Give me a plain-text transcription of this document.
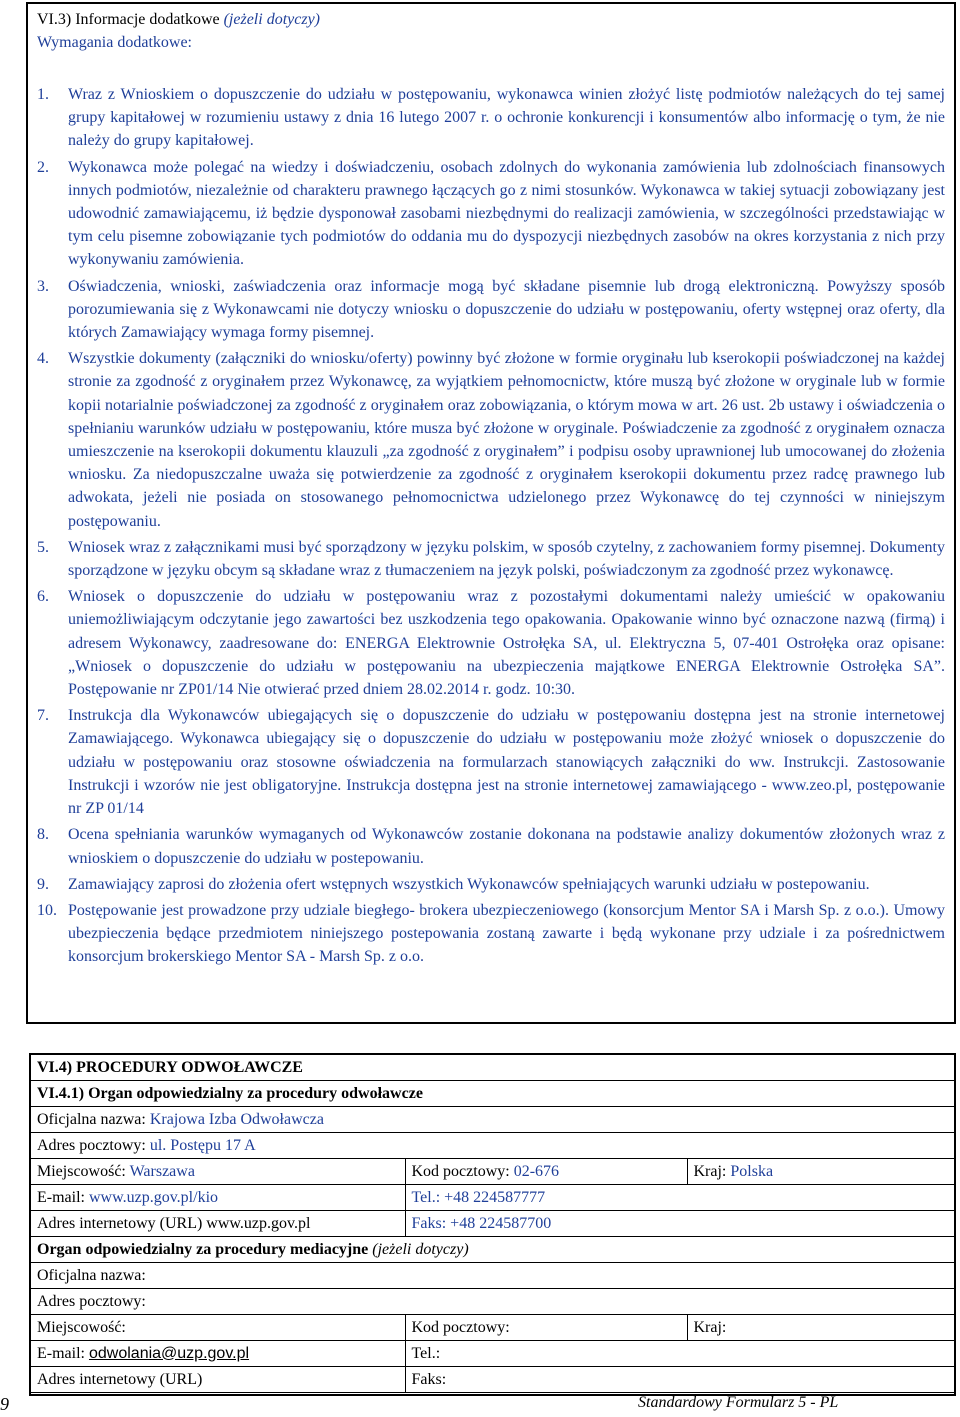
VI.3) Informacje dodatkowe (jeżeli dotyczy)
Wymagania dodatkowe:
1. Wraz z Wnioskiem o dopuszczenie do udziału w postępowaniu, wykonawca winien złożyć listę podmiotów należących do tej samej grupy kapitałowej w rozumieniu ustawy z dnia 16 lutego 2007 r. o ochronie konkurencji i konsumentów albo informację o tym, że nie należy do grupy kapitałowej.
2. Wykonawca może polegać na wiedzy i doświadczeniu, osobach zdolnych do wykonania zamówienia lub zdolnościach finansowych innych podmiotów, niezależnie od charakteru prawnego łączących go z nimi stosunków. Wykonawca w takiej sytuacji zobowiązany jest udowodnić zamawiającemu, iż będzie dysponował zasobami niezbędnymi do realizacji zamówienia, w szczególności przedstawiając w tym celu pisemne zobowiązanie tych podmiotów do oddania mu do dyspozycji niezbędnych zasobów na okres korzystania z nich przy wykonywaniu zamówienia.
3. Oświadczenia, wnioski, zaświadczenia oraz informacje mogą być składane pisemnie lub drogą elektroniczną. Powyższy sposób porozumiewania się z Wykonawcami nie dotyczy wniosku o dopuszczenie do udziału w postępowaniu, oferty wstępnej oraz oferty, dla których Zamawiający wymaga formy pisemnej.
4. Wszystkie dokumenty (załączniki do wniosku/oferty) powinny być złożone w formie oryginału lub kserokopii poświadczonej na każdej stronie za zgodność z oryginałem przez Wykonawcę, za wyjątkiem pełnomocnictw, które muszą być złożone w oryginale lub w formie kopii notarialnie poświadczonej za zgodność z oryginałem oraz zobowiązania, o którym mowa w art. 26 ust. 2b ustawy i oświadczenia o spełnianiu warunków udziału w postępowaniu, które musza być złożone w oryginale. Poświadczenie za zgodność z oryginałem oznacza umieszczenie na kserokopii dokumentu klauzuli „za zgodność z oryginałem” i podpisu osoby uprawnionej lub umocowanej do złożenia wniosku. Za niedopuszczalne uważa się potwierdzenie za zgodność z oryginałem kserokopii dokumentu przez radcę prawnego lub adwokata, jeżeli nie posiada on stosowanego pełnomocnictwa udzielonego przez Wykonawcę do tej czynności w niniejszym postępowaniu.
5. Wniosek wraz z załącznikami musi być sporządzony w języku polskim, w sposób czytelny, z zachowaniem formy pisemnej. Dokumenty sporządzone w języku obcym są składane wraz z tłumaczeniem na język polski, poświadczonym za zgodność przez wykonawcę.
6. Wniosek o dopuszczenie do udziału w postępowaniu wraz z pozostałymi dokumentami należy umieścić w opakowaniu uniemożliwiającym odczytanie jego zawartości bez uszkodzenia tego opakowania. Opakowanie winno być oznaczone nazwą (firmą) i adresem Wykonawcy, zaadresowane do: ENERGA Elektrownie Ostrołęka SA, ul. Elektryczna 5, 07-401 Ostrołęka oraz opisane: „Wniosek o dopuszczenie do udziału w postępowaniu na ubezpieczenia majątkowe ENERGA Elektrownie Ostrołęka SA”. Postępowanie nr ZP01/14 Nie otwierać przed dniem 28.02.2014 r. godz. 10:30.
7. Instrukcja dla Wykonawców ubiegających się o dopuszczenie do udziału w postępowaniu dostępna jest na stronie internetowej Zamawiającego. Wykonawca ubiegający się o dopuszczenie do udziału w postępowaniu może złożyć wniosek o dopuszczenie do udziału w postępowaniu oraz stosowne oświadczenia na formularzach stanowiących załączniki do ww. Instrukcji. Zastosowanie Instrukcji i wzorów nie jest obligatoryjne. Instrukcja dostępna jest na stronie internetowej zamawiającego - www.zeo.pl, postępowanie nr ZP 01/14
8. Ocena spełniania warunków wymaganych od Wykonawców zostanie dokonana na podstawie analizy dokumentów złożonych wraz z wnioskiem o dopuszczenie do udziału w postepowaniu.
9. Zamawiający zaprosi do złożenia ofert wstępnych wszystkich Wykonawców spełniających warunki udziału w postepowaniu.
10. Postępowanie jest prowadzone przy udziale biegłego- brokera ubezpieczeniowego (konsorcjum Mentor SA i Marsh Sp. z o.o.). Umowy ubezpieczenia będące przedmiotem niniejszego postepowania zostaną zawarte i będą wykonane przy udziale i za pośrednictwem konsorcjum brokerskiego Mentor SA - Marsh Sp. z o.o.
VI.4) PROCEDURY ODWOŁAWCZE		
VI.4.1) Organ odpowiedzialny za procedury odwoławcze		
Oficjalna nazwa: Krajowa Izba Odwoławcza		
Adres pocztowy: ul. Postępu 17 A		
Miejscowość: Warszawa	Kod pocztowy: 02-676	Kraj: Polska
E-mail: www.uzp.gov.pl/kio	Tel.: +48 224587777	
Adres internetowy (URL) www.uzp.gov.pl	Faks: +48 224587700	
Organ odpowiedzialny za procedury mediacyjne (jeżeli dotyczy)		
Oficjalna nazwa:		
Adres pocztowy:		
Miejscowość:	Kod pocztowy:	Kraj:
E-mail: odwolania@uzp.gov.pl	Tel.:	
Adres internetowy (URL)	Faks:	
9	Standardowy Formularz 5 - PL
